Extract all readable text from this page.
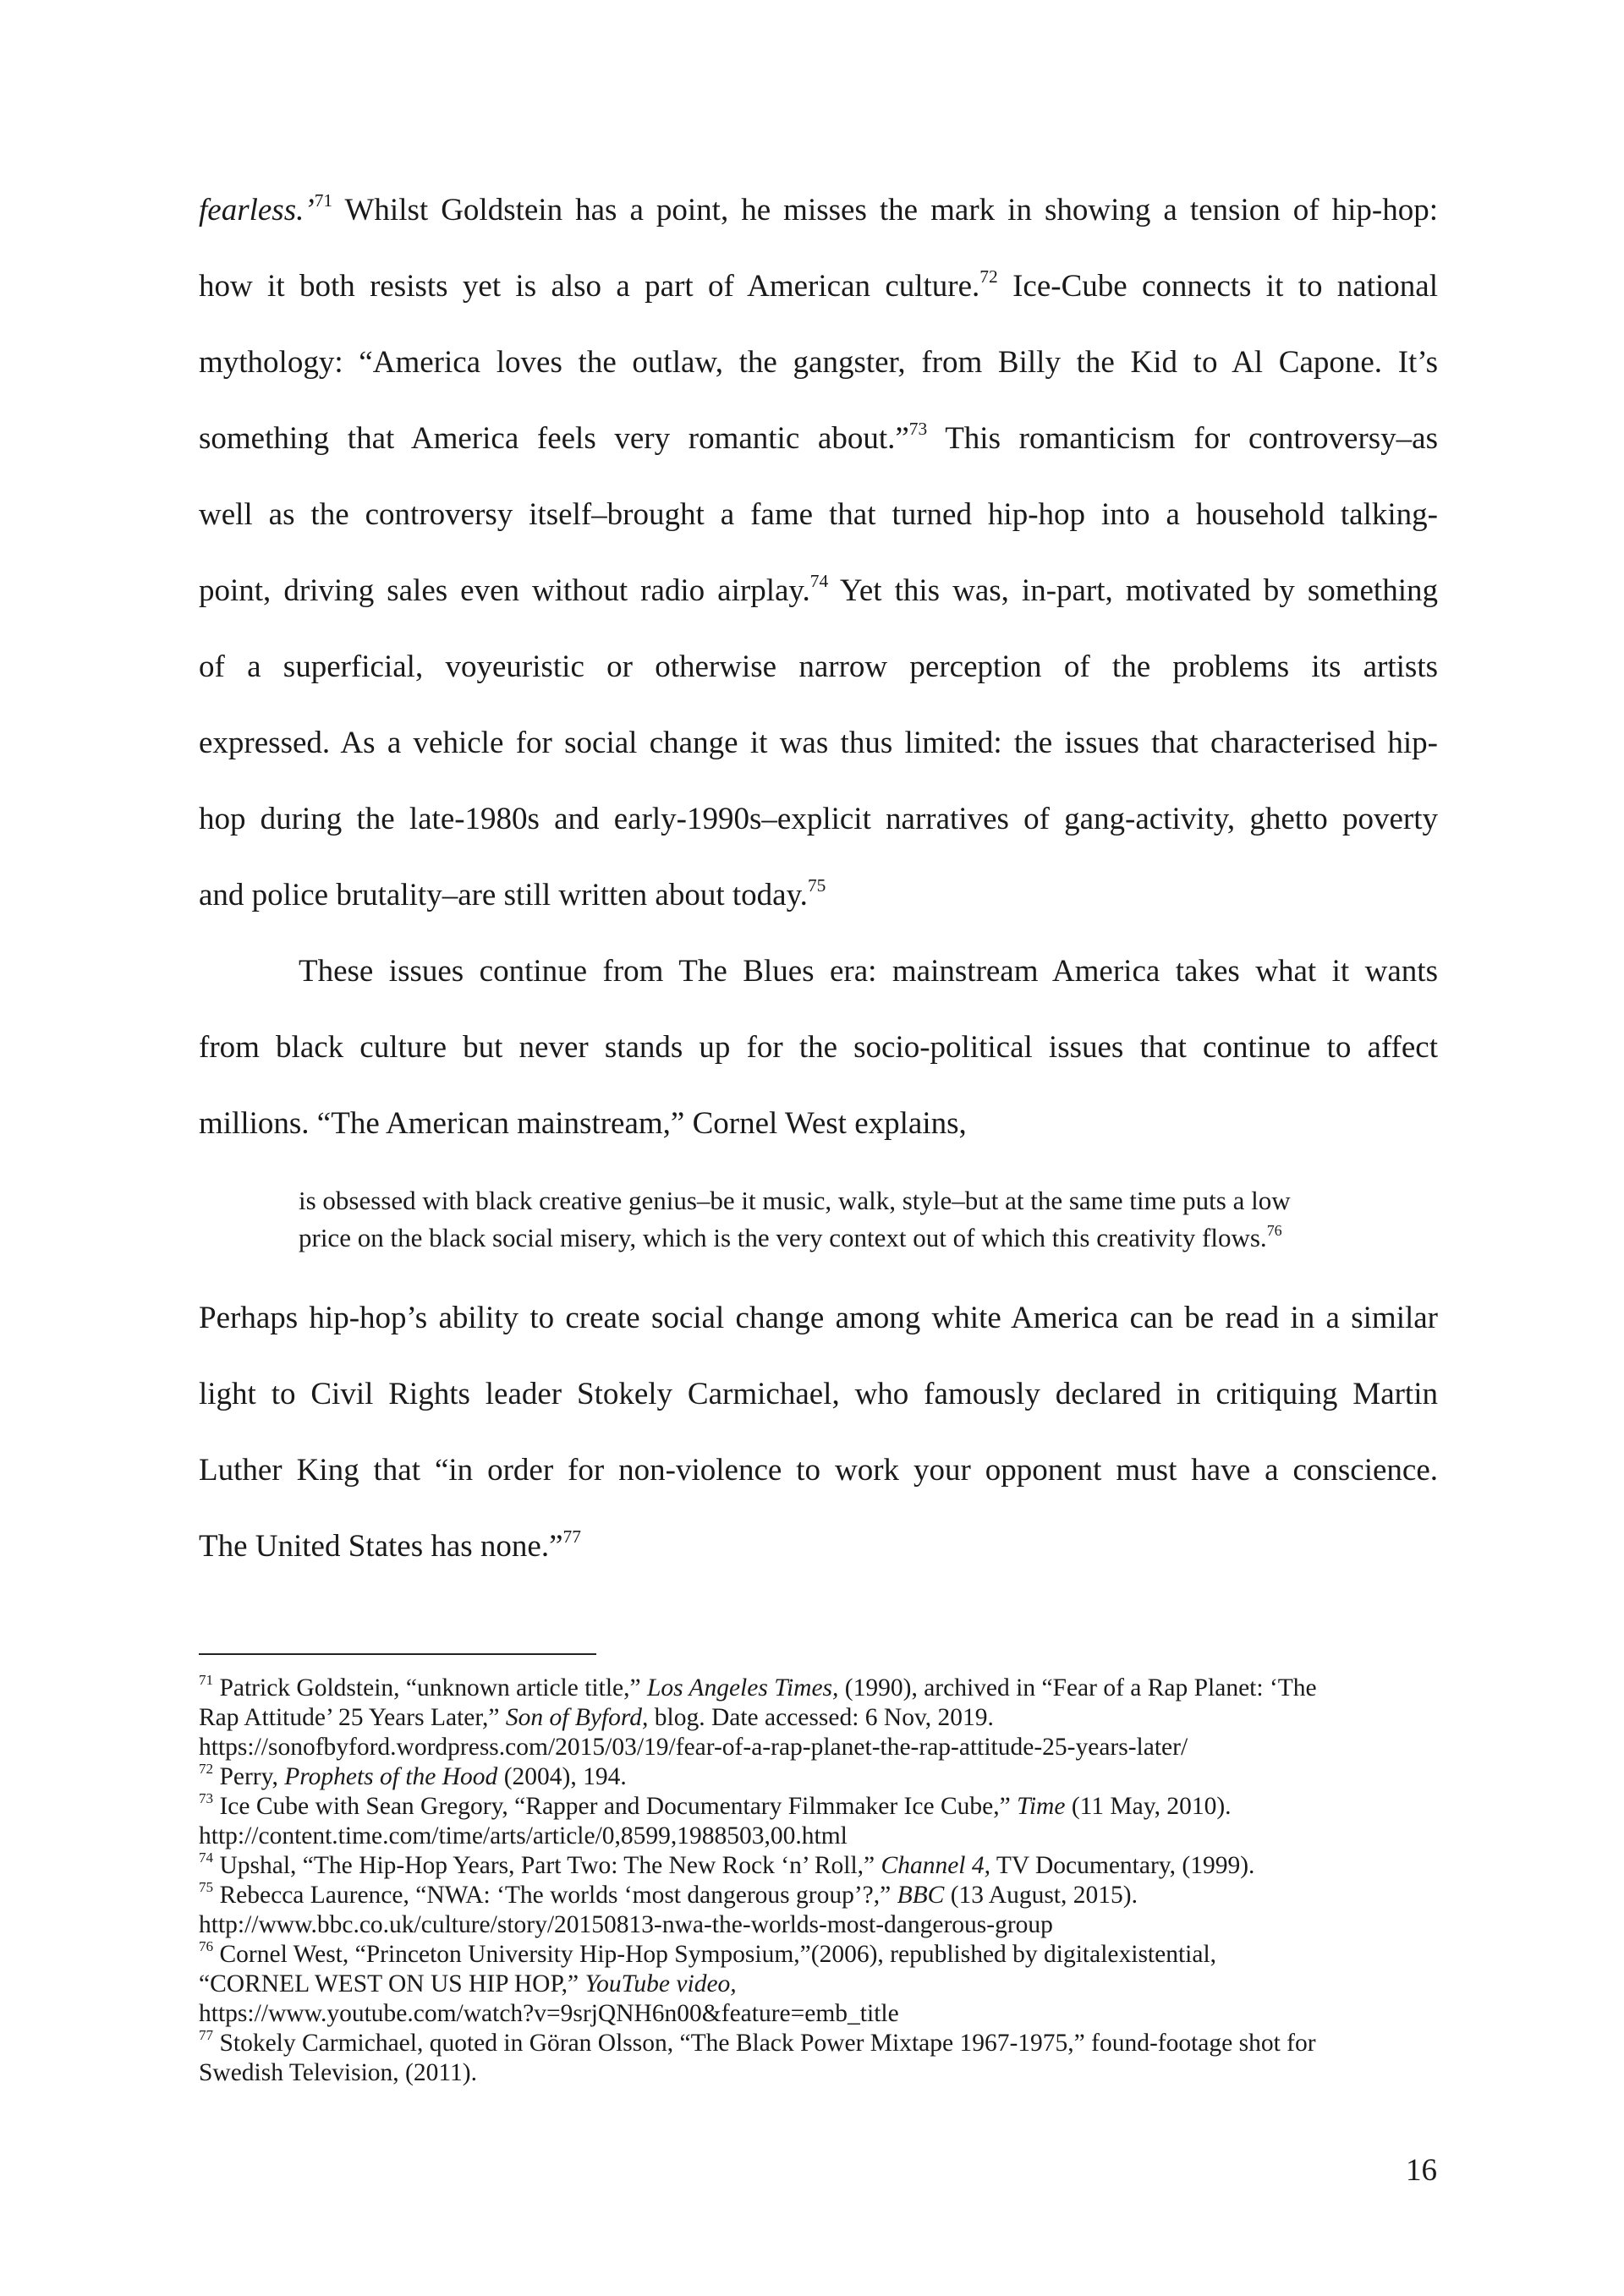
fearless.’$^{71}$ Whilst Goldstein has a point, he misses the mark in showing a tension of hip-hop:
how it both resists yet is also a part of American culture.$^{72}$ Ice-Cube connects it to national
mythology: “America loves the outlaw, the gangster, from Billy the Kid to Al Capone. It’s
something that America feels very romantic about.”$^{73}$ This romanticism for controversy–as
well as the controversy itself–brought a fame that turned hip-hop into a household talking-
point, driving sales even without radio airplay.$^{74}$ Yet this was, in-part, motivated by something
of a superficial, voyeuristic or otherwise narrow perception of the problems its artists
expressed. As a vehicle for social change it was thus limited: the issues that characterised hip-
hop during the late-1980s and early-1990s–explicit narratives of gang-activity, ghetto poverty
and police brutality–are still written about today.$^{75}$
These issues continue from The Blues era: mainstream America takes what it wants
from black culture but never stands up for the socio-political issues that continue to affect
millions. “The American mainstream,” Cornel West explains,
is obsessed with black creative genius–be it music, walk, style–but at the same time puts a low
price on the black social misery, which is the very context out of which this creativity flows.$^{76}$
Perhaps hip-hop’s ability to create social change among white America can be read in a similar
light to Civil Rights leader Stokely Carmichael, who famously declared in critiquing Martin
Luther King that “in order for non-violence to work your opponent must have a conscience.
The United States has none.”$^{77}$
$^{71}$ Patrick Goldstein, “unknown article title,” Los Angeles Times, (1990), archived in “Fear of a Rap Planet: ‘The
Rap Attitude’ 25 Years Later,” Son of Byford, blog. Date accessed: 6 Nov, 2019.
https://sonofbyford.wordpress.com/2015/03/19/fear-of-a-rap-planet-the-rap-attitude-25-years-later/
$^{72}$ Perry, Prophets of the Hood (2004), 194.
$^{73}$ Ice Cube with Sean Gregory, “Rapper and Documentary Filmmaker Ice Cube,” Time (11 May, 2010).
http://content.time.com/time/arts/article/0,8599,1988503,00.html
$^{74}$ Upshal, “The Hip-Hop Years, Part Two: The New Rock ‘n’ Roll,” Channel 4, TV Documentary, (1999).
$^{75}$ Rebecca Laurence, “NWA: ‘The worlds ‘most dangerous group’?,” BBC (13 August, 2015).
http://www.bbc.co.uk/culture/story/20150813-nwa-the-worlds-most-dangerous-group
$^{76}$ Cornel West, “Princeton University Hip-Hop Symposium,”(2006), republished by digitalexistential,
“CORNEL WEST ON US HIP HOP,” YouTube video,
https://www.youtube.com/watch?v=9srjQNH6n00&feature=emb_title
$^{77}$ Stokely Carmichael, quoted in Göran Olsson, “The Black Power Mixtape 1967-1975,” found-footage shot for
Swedish Television, (2011).
16
